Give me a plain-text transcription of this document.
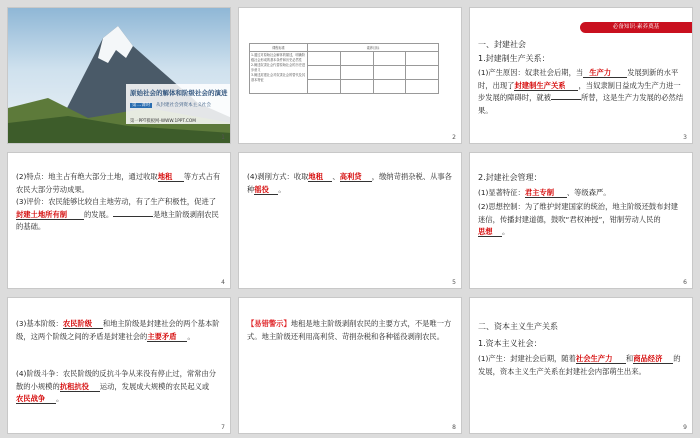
原始社会的解体和阶级社会的演进
第二课时 从封建社会到资本主义社会
第一PPT模板网-WWW.1PPT.COM
1
课程标准	素养目标			
1.通过对原始社会解体的描述，明确阶级社会形成的基本条件和历史必然性
2.阐述奴隶社会代替原始社会的历史进步意义
3.阐述封建社会对奴隶社会的替代及其基本特征				

2
必备知识·素养奠基
一、封建社会
1.封建制生产关系：
(1)产生原因：奴隶社会后期，当 生产力 发展到新的水平时，出现了封建制生产关系 ，当奴隶制日益成为生产力进一步发展的障碍时，就被	所替，这是生产力发展的必然结果。
3
(2)特点：地主占有绝大部分土地，通过收取地租 等方式占有农民大部分劳动成果。
(3)评价：农民能够比较自主地劳动，有了生产积极性，促进了封建土地所有制 的发展。	是地主阶级剥削农民的基础。
4
(4)剥削方式：收取地租 、高利贷 ，缴纳苛捐杂税、从事各种徭役 。
5
2.封建社会管理：
(1)显著特征：君主专制 、等级森严。
(2)思想控制：为了维护封建国家的统治，地主阶级还鼓布封建迷信，传播封建道德，鼓吹“君权神授”，钳制劳动人民的思想 。
6
(3)基本阶级：农民阶级 和地主阶级是封建社会的两个基本阶级，这两个阶级之间的矛盾是封建社会的主要矛盾 。
(4)阶级斗争：农民阶级的反抗斗争从来没有停止过，常常由分散的小规模的抗租抗役 运动，发展成大规模的农民起义或农民战争 。
7
【易错警示】地租是地主阶级剥削农民的主要方式，不是唯一方式。地主阶级还利用高利贷、苛捐杂税和各种徭役剥削农民。
8
二、资本主义生产关系
1.资本主义社会：
(1)产生：封建社会后期，随着社会生产力 和商品经济 的发展，资本主义生产关系在封建社会内部萌生出来。
9
